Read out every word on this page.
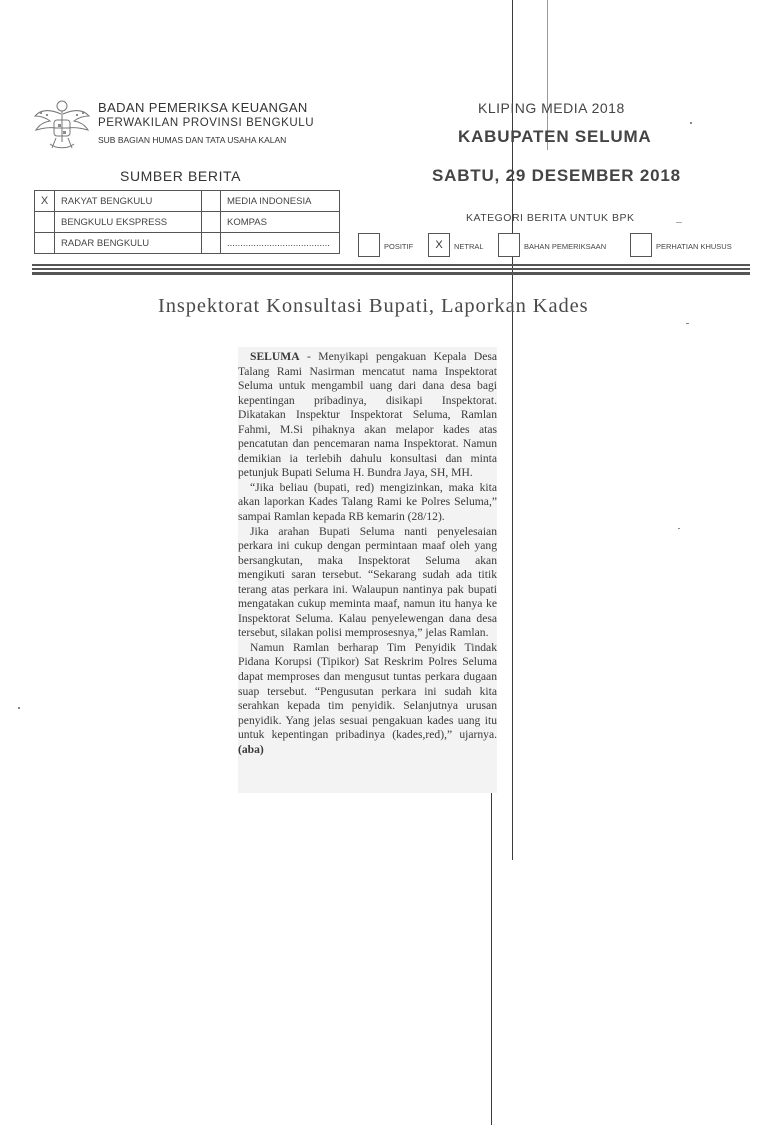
BADAN PEMERIKSA KEUANGAN
PERWAKILAN PROVINSI BENGKULU
SUB BAGIAN HUMAS DAN TATA USAHA KALAN
KLIPING MEDIA 2018
KABUPATEN SELUMA
SABTU, 29 DESEMBER 2018
SUMBER BERITA
X	RAKYAT BENGKULU		MEDIA INDONESIA
	BENGKULU EKSPRESS		KOMPAS
	RADAR BENGKULU		.......................................
KATEGORI BERITA UNTUK BPK
POSITIF	X	NETRAL	BAHAN PEMERIKSAAN	PERHATIAN KHUSUS
Inspektorat Konsultasi Bupati, Laporkan Kades

SELUMA - Menyikapi pengakuan Kepala Desa Talang Rami Nasirman mencatut nama Inspektorat Seluma untuk mengambil uang dari dana desa bagi kepentingan pribadinya, disikapi Inspektorat. Dikatakan Inspektur Inspektorat Seluma, Ramlan Fahmi, M.Si pihaknya akan melapor kades atas pencatutan dan pencemaran nama Inspektorat. Namun demikian ia terlebih dahulu konsultasi dan minta petunjuk Bupati Seluma H. Bundra Jaya, SH, MH.

“Jika beliau (bupati, red) mengizinkan, maka kita akan laporkan Kades Talang Rami ke Polres Seluma,” sampai Ramlan kepada RB kemarin (28/12).

Jika arahan Bupati Seluma nanti penyelesaian perkara ini cukup dengan permintaan maaf oleh yang bersangkutan, maka Inspektorat Seluma akan mengikuti saran tersebut. “Sekarang sudah ada titik terang atas perkara ini. Walaupun nantinya pak bupati mengatakan cukup meminta maaf, namun itu hanya ke Inspektorat Seluma. Kalau penyelewengan dana desa tersebut, silakan polisi memprosesnya,” jelas Ramlan.

Namun Ramlan berharap Tim Penyidik Tindak Pidana Korupsi (Tipikor) Sat Reskrim Polres Seluma dapat memproses dan mengusut tuntas perkara dugaan suap tersebut. “Pengusutan perkara ini sudah kita serahkan kepada tim penyidik. Selanjutnya urusan penyidik. Yang jelas sesuai pengakuan kades uang itu untuk kepentingan pribadinya (kades,red),” ujarnya.(aba)
